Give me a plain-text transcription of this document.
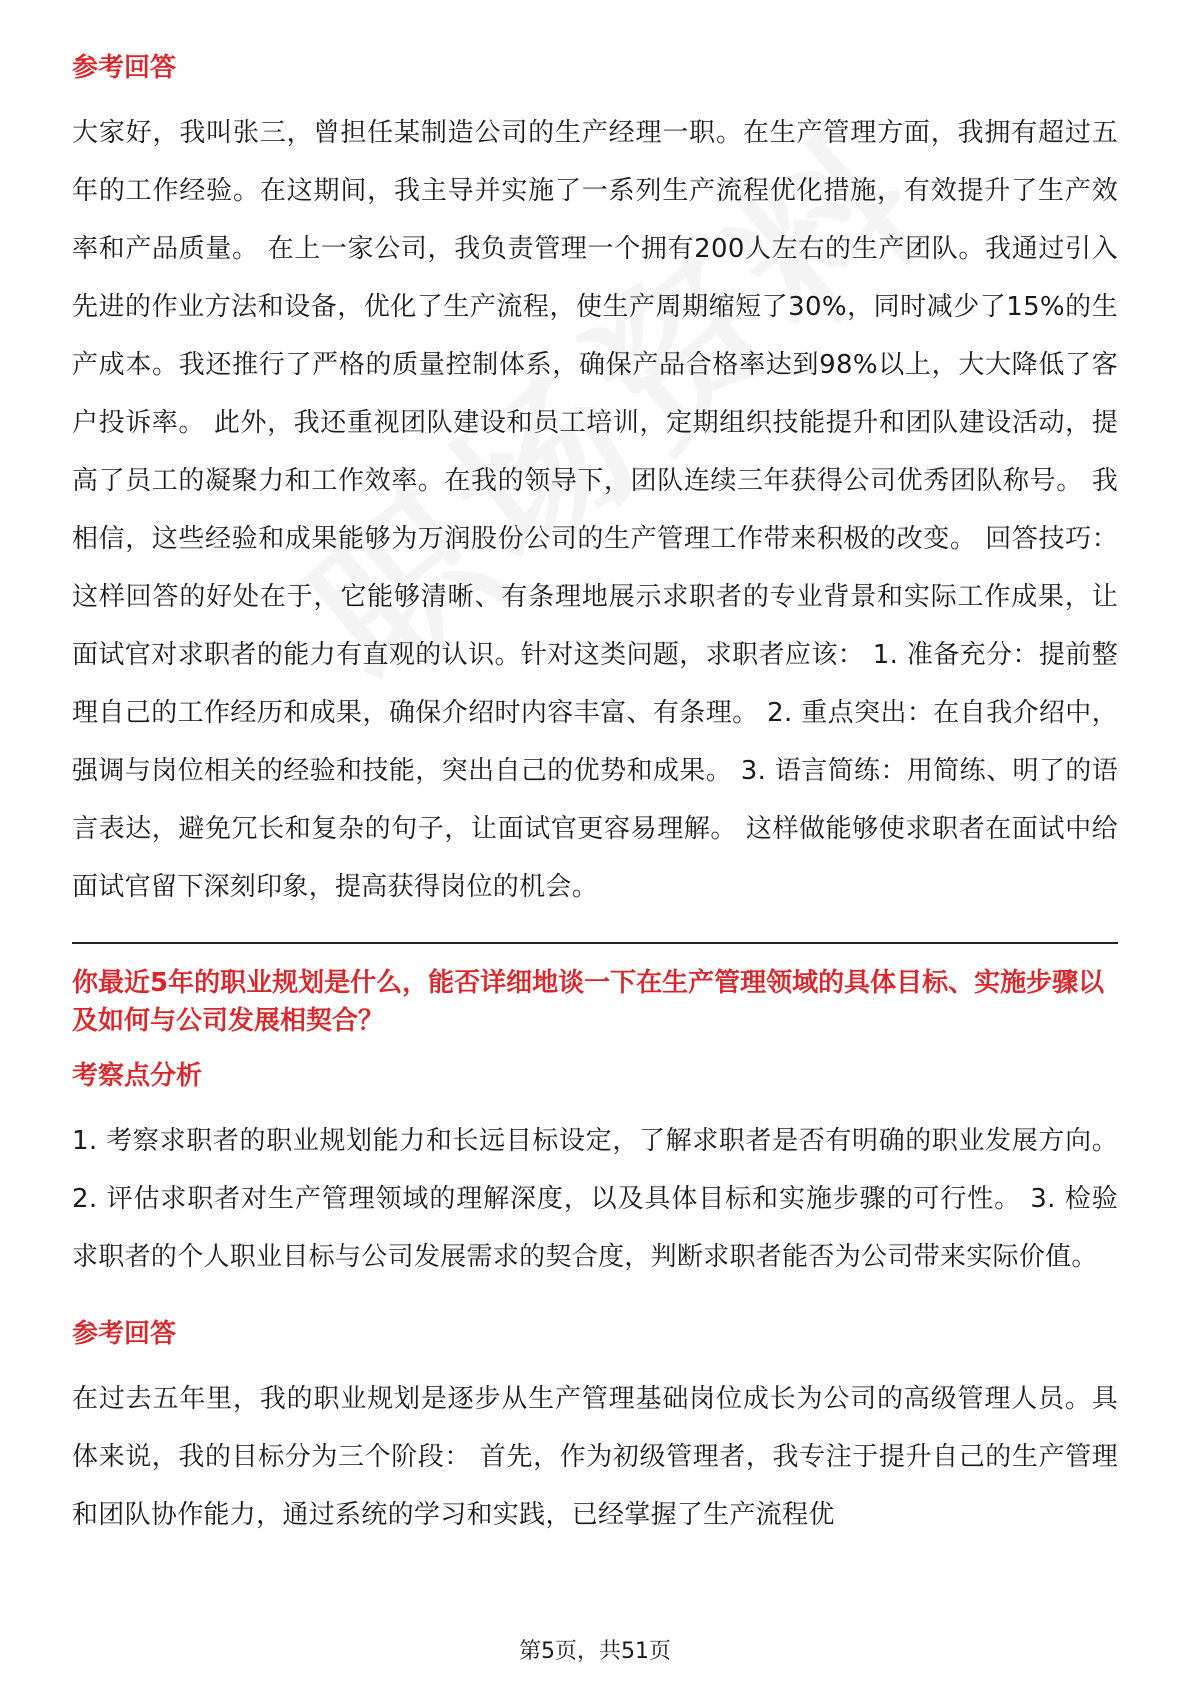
参考回答

大家好，我叫张三，曾担任某制造公司的生产经理一职。在生产管理方面，我拥有超过五年的工作经验。在这期间，我主导并实施了一系列生产流程优化措施，有效提升了生产效率和产品质量。 在上一家公司，我负责管理一个拥有200人左右的生产团队。我通过引入先进的作业方法和设备，优化了生产流程，使生产周期缩短了30%，同时减少了15%的生产成本。我还推行了严格的质量控制体系，确保产品合格率达到98%以上，大大降低了客户投诉率。 此外，我还重视团队建设和员工培训，定期组织技能提升和团队建设活动，提高了员工的凝聚力和工作效率。在我的领导下，团队连续三年获得公司优秀团队称号。 我相信，这些经验和成果能够为万润股份公司的生产管理工作带来积极的改变。 回答技巧： 这样回答的好处在于，它能够清晰、有条理地展示求职者的专业背景和实际工作成果，让面试官对求职者的能力有直观的认识。针对这类问题，求职者应该： 1. 准备充分：提前整理自己的工作经历和成果，确保介绍时内容丰富、有条理。 2. 重点突出：在自我介绍中，强调与岗位相关的经验和技能，突出自己的优势和成果。 3. 语言简练：用简练、明了的语言表达，避免冗长和复杂的句子，让面试官更容易理解。 这样做能够使求职者在面试中给面试官留下深刻印象，提高获得岗位的机会。

你最近5年的职业规划是什么，能否详细地谈一下在生产管理领域的具体目标、实施步骤以及如何与公司发展相契合？

考察点分析

1. 考察求职者的职业规划能力和长远目标设定，了解求职者是否有明确的职业发展方向。 2. 评估求职者对生产管理领域的理解深度，以及具体目标和实施步骤的可行性。 3. 检验求职者的个人职业目标与公司发展需求的契合度，判断求职者能否为公司带来实际价值。

参考回答

在过去五年里，我的职业规划是逐步从生产管理基础岗位成长为公司的高级管理人员。具体来说，我的目标分为三个阶段： 首先，作为初级管理者，我专注于提升自己的生产管理和团队协作能力，通过系统的学习和实践，已经掌握了生产流程优

第5页，共51页
